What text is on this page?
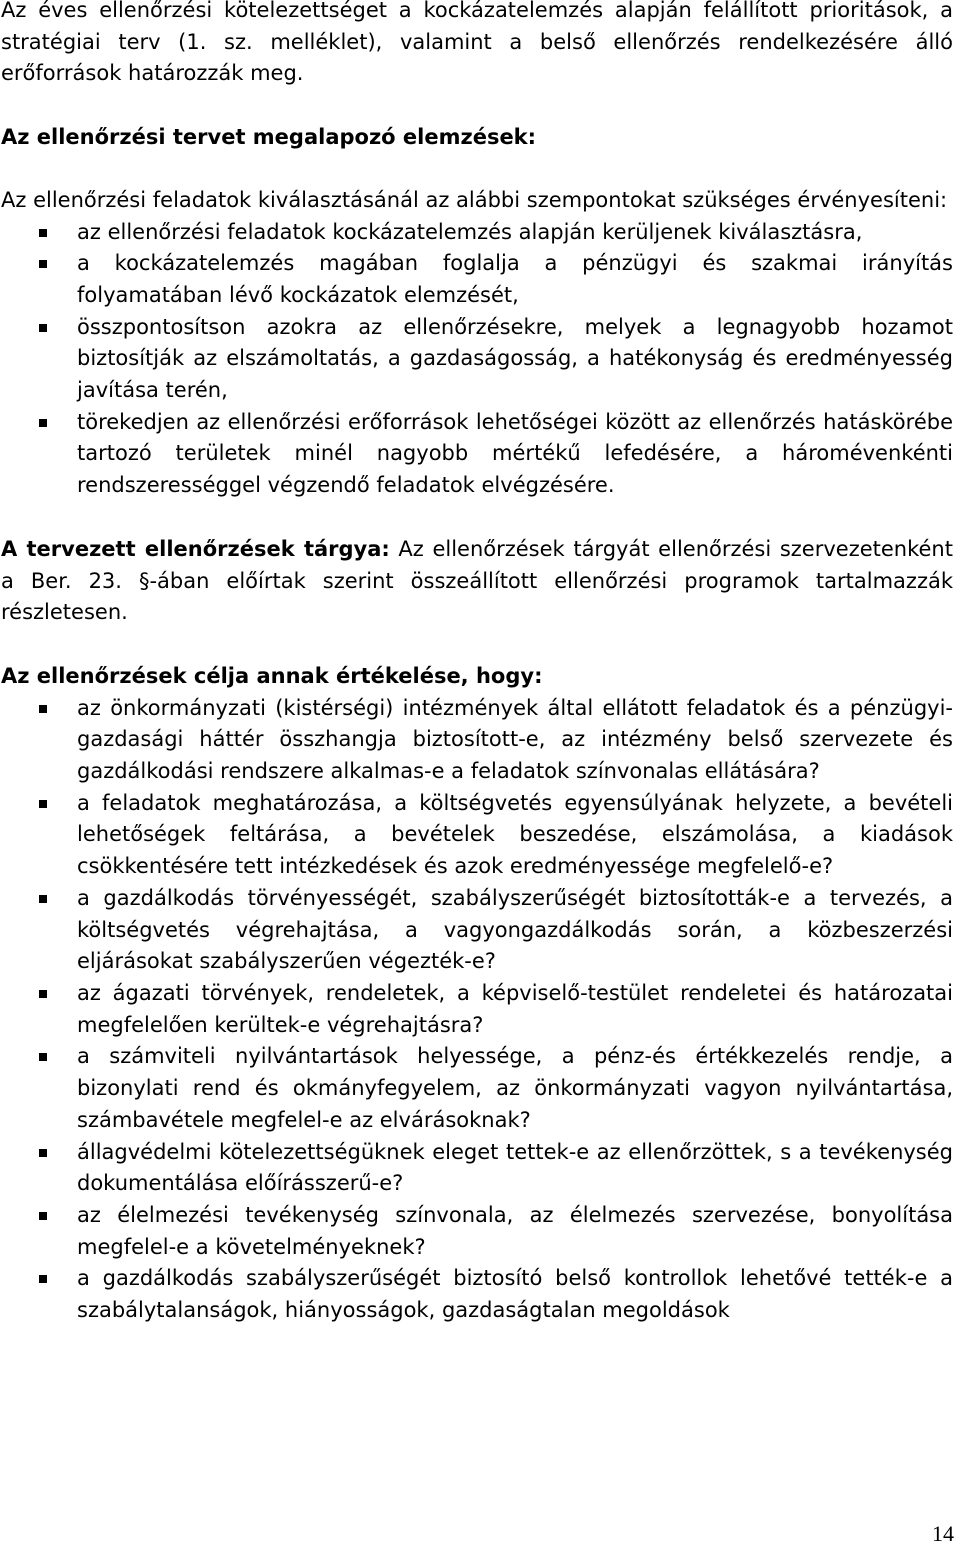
Az éves ellenőrzési kötelezettséget a kockázatelemzés alapján felállított prioritások, a stratégiai terv (1. sz. melléklet), valamint a belső ellenőrzés rendelkezésére álló erőforrások határozzák meg.

Az ellenőrzési tervet megalapozó elemzések:

Az ellenőrzési feladatok kiválasztásánál az alábbi szempontokat szükséges érvényesíteni:

az ellenőrzési feladatok kockázatelemzés alapján kerüljenek kiválasztásra,
a kockázatelemzés magában foglalja a pénzügyi és szakmai irányítás folyamatában lévő kockázatok elemzését,
összpontosítson azokra az ellenőrzésekre, melyek a legnagyobb hozamot biztosítják az elszámoltatás, a gazdaságosság, a hatékonyság és eredményesség javítása terén,
törekedjen az ellenőrzési erőforrások lehetőségei között az ellenőrzés hatáskörébe tartozó területek minél nagyobb mértékű lefedésére, a háromévenkénti rendszerességgel végzendő feladatok elvégzésére.

A tervezett ellenőrzések tárgya: Az ellenőrzések tárgyát ellenőrzési szervezetenként a Ber. 23. §-ában előírtak szerint összeállított ellenőrzési programok tartalmazzák részletesen.

Az ellenőrzések célja annak értékelése, hogy:

az önkormányzati (kistérségi) intézmények által ellátott feladatok és a pénzügyi-gazdasági háttér összhangja biztosított-e, az intézmény belső szervezete és gazdálkodási rendszere alkalmas-e a feladatok színvonalas ellátására?
a feladatok meghatározása, a költségvetés egyensúlyának helyzete, a bevételi lehetőségek feltárása, a bevételek beszedése, elszámolása, a kiadások csökkentésére tett intézkedések és azok eredményessége megfelelő-e?
a gazdálkodás törvényességét, szabályszerűségét biztosították-e a tervezés, a költségvetés végrehajtása, a vagyongazdálkodás során, a közbeszerzési eljárásokat szabályszerűen végezték-e?
az ágazati törvények, rendeletek, a képviselő-testület rendeletei és határozatai megfelelően kerültek-e végrehajtásra?
a számviteli nyilvántartások helyessége, a pénz-és értékkezelés rendje, a bizonylati rend és okmányfegyelem, az önkormányzati vagyon nyilvántartása, számbavétele megfelel-e az elvárásoknak?
állagvédelmi kötelezettségüknek eleget tettek-e az ellenőrzöttek, s a tevékenység dokumentálása előírásszerű-e?
az élelmezési tevékenység színvonala, az élelmezés szervezése, bonyolítása megfelel-e a követelményeknek?
a gazdálkodás szabályszerűségét biztosító belső kontrollok lehetővé tették-e a szabálytalanságok, hiányosságok, gazdaságtalan megoldások
14
